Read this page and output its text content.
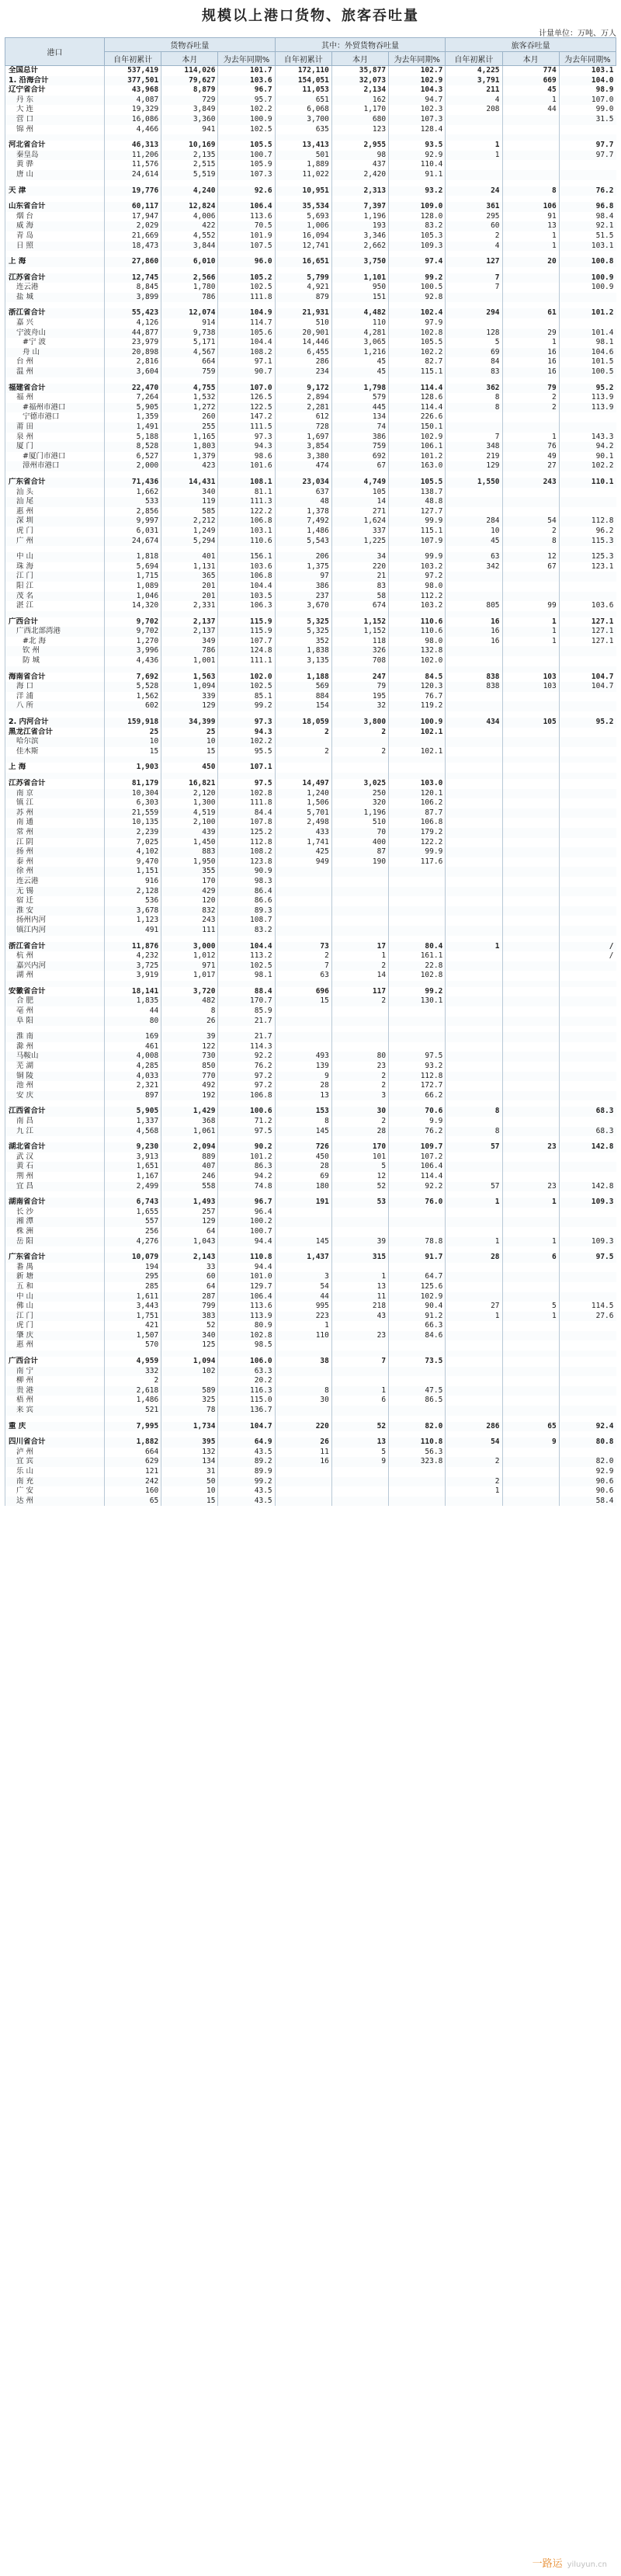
规模以上港口货物、旅客吞吐量
计量单位：万吨、万人
港口	货物吞吐量			其中：外贸货物吞吐量			旅客吞吐量		
	自年初累计	本月	为去年同期%	自年初累计	本月	为去年同期%	自年初累计	本月	为去年同期%
全国总计	537,419	114,026	101.7	172,110	35,877	102.7	4,225	774	103.1
1. 沿海合计	377,501	79,627	103.6	154,051	32,073	102.9	3,791	669	104.0
辽宁省合计	43,968	8,879	96.7	11,053	2,134	104.3	211	45	98.9
丹 东	4,087	729	95.7	651	162	94.7	4	1	107.0
大 连	19,329	3,849	102.2	6,068	1,170	102.3	208	44	99.0
营 口	16,086	3,360	100.9	3,700	680	107.3			31.5
锦 州	4,466	941	102.5	635	123	128.4			

河北省合计	46,313	10,169	105.5	13,413	2,955	93.5	1		97.7
秦皇岛	11,206	2,135	100.7	501	98	92.9	1		97.7
黄 骅	11,576	2,515	105.9	1,889	437	110.4			
唐 山	24,614	5,519	107.3	11,022	2,420	91.1			

天 津	19,776	4,240	92.6	10,951	2,313	93.2	24	8	76.2

山东省合计	60,117	12,824	106.4	35,534	7,397	109.0	361	106	96.8
烟 台	17,947	4,006	113.6	5,693	1,196	128.0	295	91	98.4
威 海	2,029	422	70.5	1,006	193	83.2	60	13	92.1
青 岛	21,669	4,552	101.9	16,094	3,346	105.3	2	1	51.5
日 照	18,473	3,844	107.5	12,741	2,662	109.3	4	1	103.1

上 海	27,860	6,010	96.0	16,651	3,750	97.4	127	20	100.8

江苏省合计	12,745	2,566	105.2	5,799	1,101	99.2	7		100.9
连云港	8,845	1,780	102.5	4,921	950	100.5	7		100.9
盐 城	3,899	786	111.8	879	151	92.8			

浙江省合计	55,423	12,074	104.9	21,931	4,482	102.4	294	61	101.2
嘉 兴	4,126	914	114.7	510	110	97.9			
宁波舟山	44,877	9,738	105.6	20,901	4,281	102.8	128	29	101.4
#宁 波	23,979	5,171	104.4	14,446	3,065	105.5	5	1	98.1
舟 山	20,898	4,567	108.2	6,455	1,216	102.2	69	16	104.6
台 州	2,816	664	97.1	286	45	82.7	84	16	101.5
温 州	3,604	759	90.7	234	45	115.1	83	16	100.5

福建省合计	22,470	4,755	107.0	9,172	1,798	114.4	362	79	95.2
福 州	7,264	1,532	126.5	2,894	579	128.6	8	2	113.9
#福州市港口	5,905	1,272	122.5	2,281	445	114.4	8	2	113.9
宁德市港口	1,359	260	147.2	612	134	226.6			
莆 田	1,491	255	111.5	728	74	150.1			
泉 州	5,188	1,165	97.3	1,697	386	102.9	7	1	143.3
厦 门	8,528	1,803	94.3	3,854	759	106.1	348	76	94.2
#厦门市港口	6,527	1,379	98.6	3,380	692	101.2	219	49	90.1
漳州市港口	2,000	423	101.6	474	67	163.0	129	27	102.2

广东省合计	71,436	14,431	108.1	23,034	4,749	105.5	1,550	243	110.1
汕 头	1,662	340	81.1	637	105	138.7			
汕 尾	533	119	111.3	48	14	48.8			
惠 州	2,856	585	122.2	1,378	271	127.7			
深 圳	9,997	2,212	106.8	7,492	1,624	99.9	284	54	112.8
虎 门	6,031	1,249	103.1	1,486	337	115.1	10	2	96.2
广 州	24,674	5,294	110.6	5,543	1,225	107.9	45	8	115.3

中 山	1,818	401	156.1	206	34	99.9	63	12	125.3
珠 海	5,694	1,131	103.6	1,375	220	103.2	342	67	123.1
江 门	1,715	365	106.8	97	21	97.2			
阳 江	1,089	201	104.4	386	83	98.0			
茂 名	1,046	201	103.5	237	58	112.2			
湛 江	14,320	2,331	106.3	3,670	674	103.2	805	99	103.6

广西合计	9,702	2,137	115.9	5,325	1,152	110.6	16	1	127.1
广西北部湾港	9,702	2,137	115.9	5,325	1,152	110.6	16	1	127.1
#北 海	1,270	349	107.7	352	118	98.0	16	1	127.1
钦 州	3,996	786	124.8	1,838	326	132.8			
防 城	4,436	1,001	111.1	3,135	708	102.0			

海南省合计	7,692	1,563	102.0	1,188	247	84.5	838	103	104.7
海 口	5,528	1,094	102.5	569	79	120.3	838	103	104.7
洋 浦	1,562	339	85.1	884	195	76.7			
八 所	602	129	99.2	154	32	119.2			

2. 内河合计	159,918	34,399	97.3	18,059	3,800	100.9	434	105	95.2
黑龙江省合计	25	25	94.3	2	2	102.1			
哈尔滨	10	10	102.2						
佳木斯	15	15	95.5	2	2	102.1			

上 海	1,903	450	107.1						

江苏省合计	81,179	16,821	97.5	14,497	3,025	103.0			
南 京	10,304	2,120	102.8	1,240	250	120.1			
镇 江	6,303	1,300	111.8	1,506	320	106.2			
苏 州	21,559	4,519	84.4	5,701	1,196	87.7			
南 通	10,135	2,100	107.8	2,498	510	106.8			
常 州	2,239	439	125.2	433	70	179.2			
江 阴	7,025	1,450	112.8	1,741	400	122.2			
扬 州	4,102	883	108.2	425	87	99.9			
泰 州	9,470	1,950	123.8	949	190	117.6			
徐 州	1,151	355	90.9						
连云港	916	170	98.3						
无 锡	2,128	429	86.4						
宿 迁	536	120	86.6						
淮 安	3,678	832	89.3						
扬州内河	1,123	243	108.7						
镇江内河	491	111	83.2						

浙江省合计	11,876	3,000	104.4	73	17	80.4	1		/
杭 州	4,232	1,012	113.2	2	1	161.1			/
嘉兴内河	3,725	971	102.5	7	2	22.8			
湖 州	3,919	1,017	98.1	63	14	102.8			

安徽省合计	18,141	3,720	88.4	696	117	99.2			
合 肥	1,835	482	170.7	15	2	130.1			
亳 州	44	8	85.9						
阜 阳	80	26	21.7						

淮 南	169	39	21.7						
滁 州	461	122	114.3						
马鞍山	4,008	730	92.2	493	80	97.5			
芜 湖	4,285	850	76.2	139	23	93.2			
铜 陵	4,033	770	97.2	9	2	112.8			
池 州	2,321	492	97.2	28	2	172.7			
安 庆	897	192	106.8	13	3	66.2			

江西省合计	5,905	1,429	100.6	153	30	70.6	8		68.3
南 昌	1,337	368	71.2	8	2	9.9			
九 江	4,568	1,061	97.5	145	28	76.2	8		68.3

湖北省合计	9,230	2,094	90.2	726	170	109.7	57	23	142.8
武 汉	3,913	889	101.2	450	101	107.2			
黄 石	1,651	407	86.3	28	5	106.4			
荆 州	1,167	246	94.2	69	12	114.4			
宜 昌	2,499	558	74.8	180	52	92.2	57	23	142.8

湖南省合计	6,743	1,493	96.7	191	53	76.0	1	1	109.3
长 沙	1,655	257	96.4						
湘 潭	557	129	100.2						
株 洲	256	64	100.7						
岳 阳	4,276	1,043	94.4	145	39	78.8	1	1	109.3

广东省合计	10,079	2,143	110.8	1,437	315	91.7	28	6	97.5
番 禺	194	33	94.4						
新 塘	295	60	101.0	3	1	64.7			
五 和	285	64	129.7	54	13	125.6			
中 山	1,611	287	106.4	44	11	102.9			
佛 山	3,443	799	113.6	995	218	90.4	27	5	114.5
江 门	1,751	383	113.9	223	43	91.2	1	1	27.6
虎 门	421	52	80.9	1		66.3			
肇 庆	1,507	340	102.8	110	23	84.6			
惠 州	570	125	98.5						

广西合计	4,959	1,094	106.0	38	7	73.5			
南 宁	332	102	63.3						
柳 州	2		20.2						
贵 港	2,618	589	116.3	8	1	47.5			
梧 州	1,486	325	115.0	30	6	86.5			
来 宾	521	78	136.7						

重 庆	7,995	1,734	104.7	220	52	82.0	286	65	92.4

四川省合计	1,882	395	64.9	26	13	110.8	54	9	80.8
泸 州	664	132	43.5	11	5	56.3			
宜 宾	629	134	89.2	16	9	323.8	2		82.0
乐 山	121	31	89.9						92.9
南 充	242	50	99.2				2		90.6
广 安	160	10	43.5				1		90.6
达 州	65	15	43.5						58.4
一路运 yiluyun.cn
